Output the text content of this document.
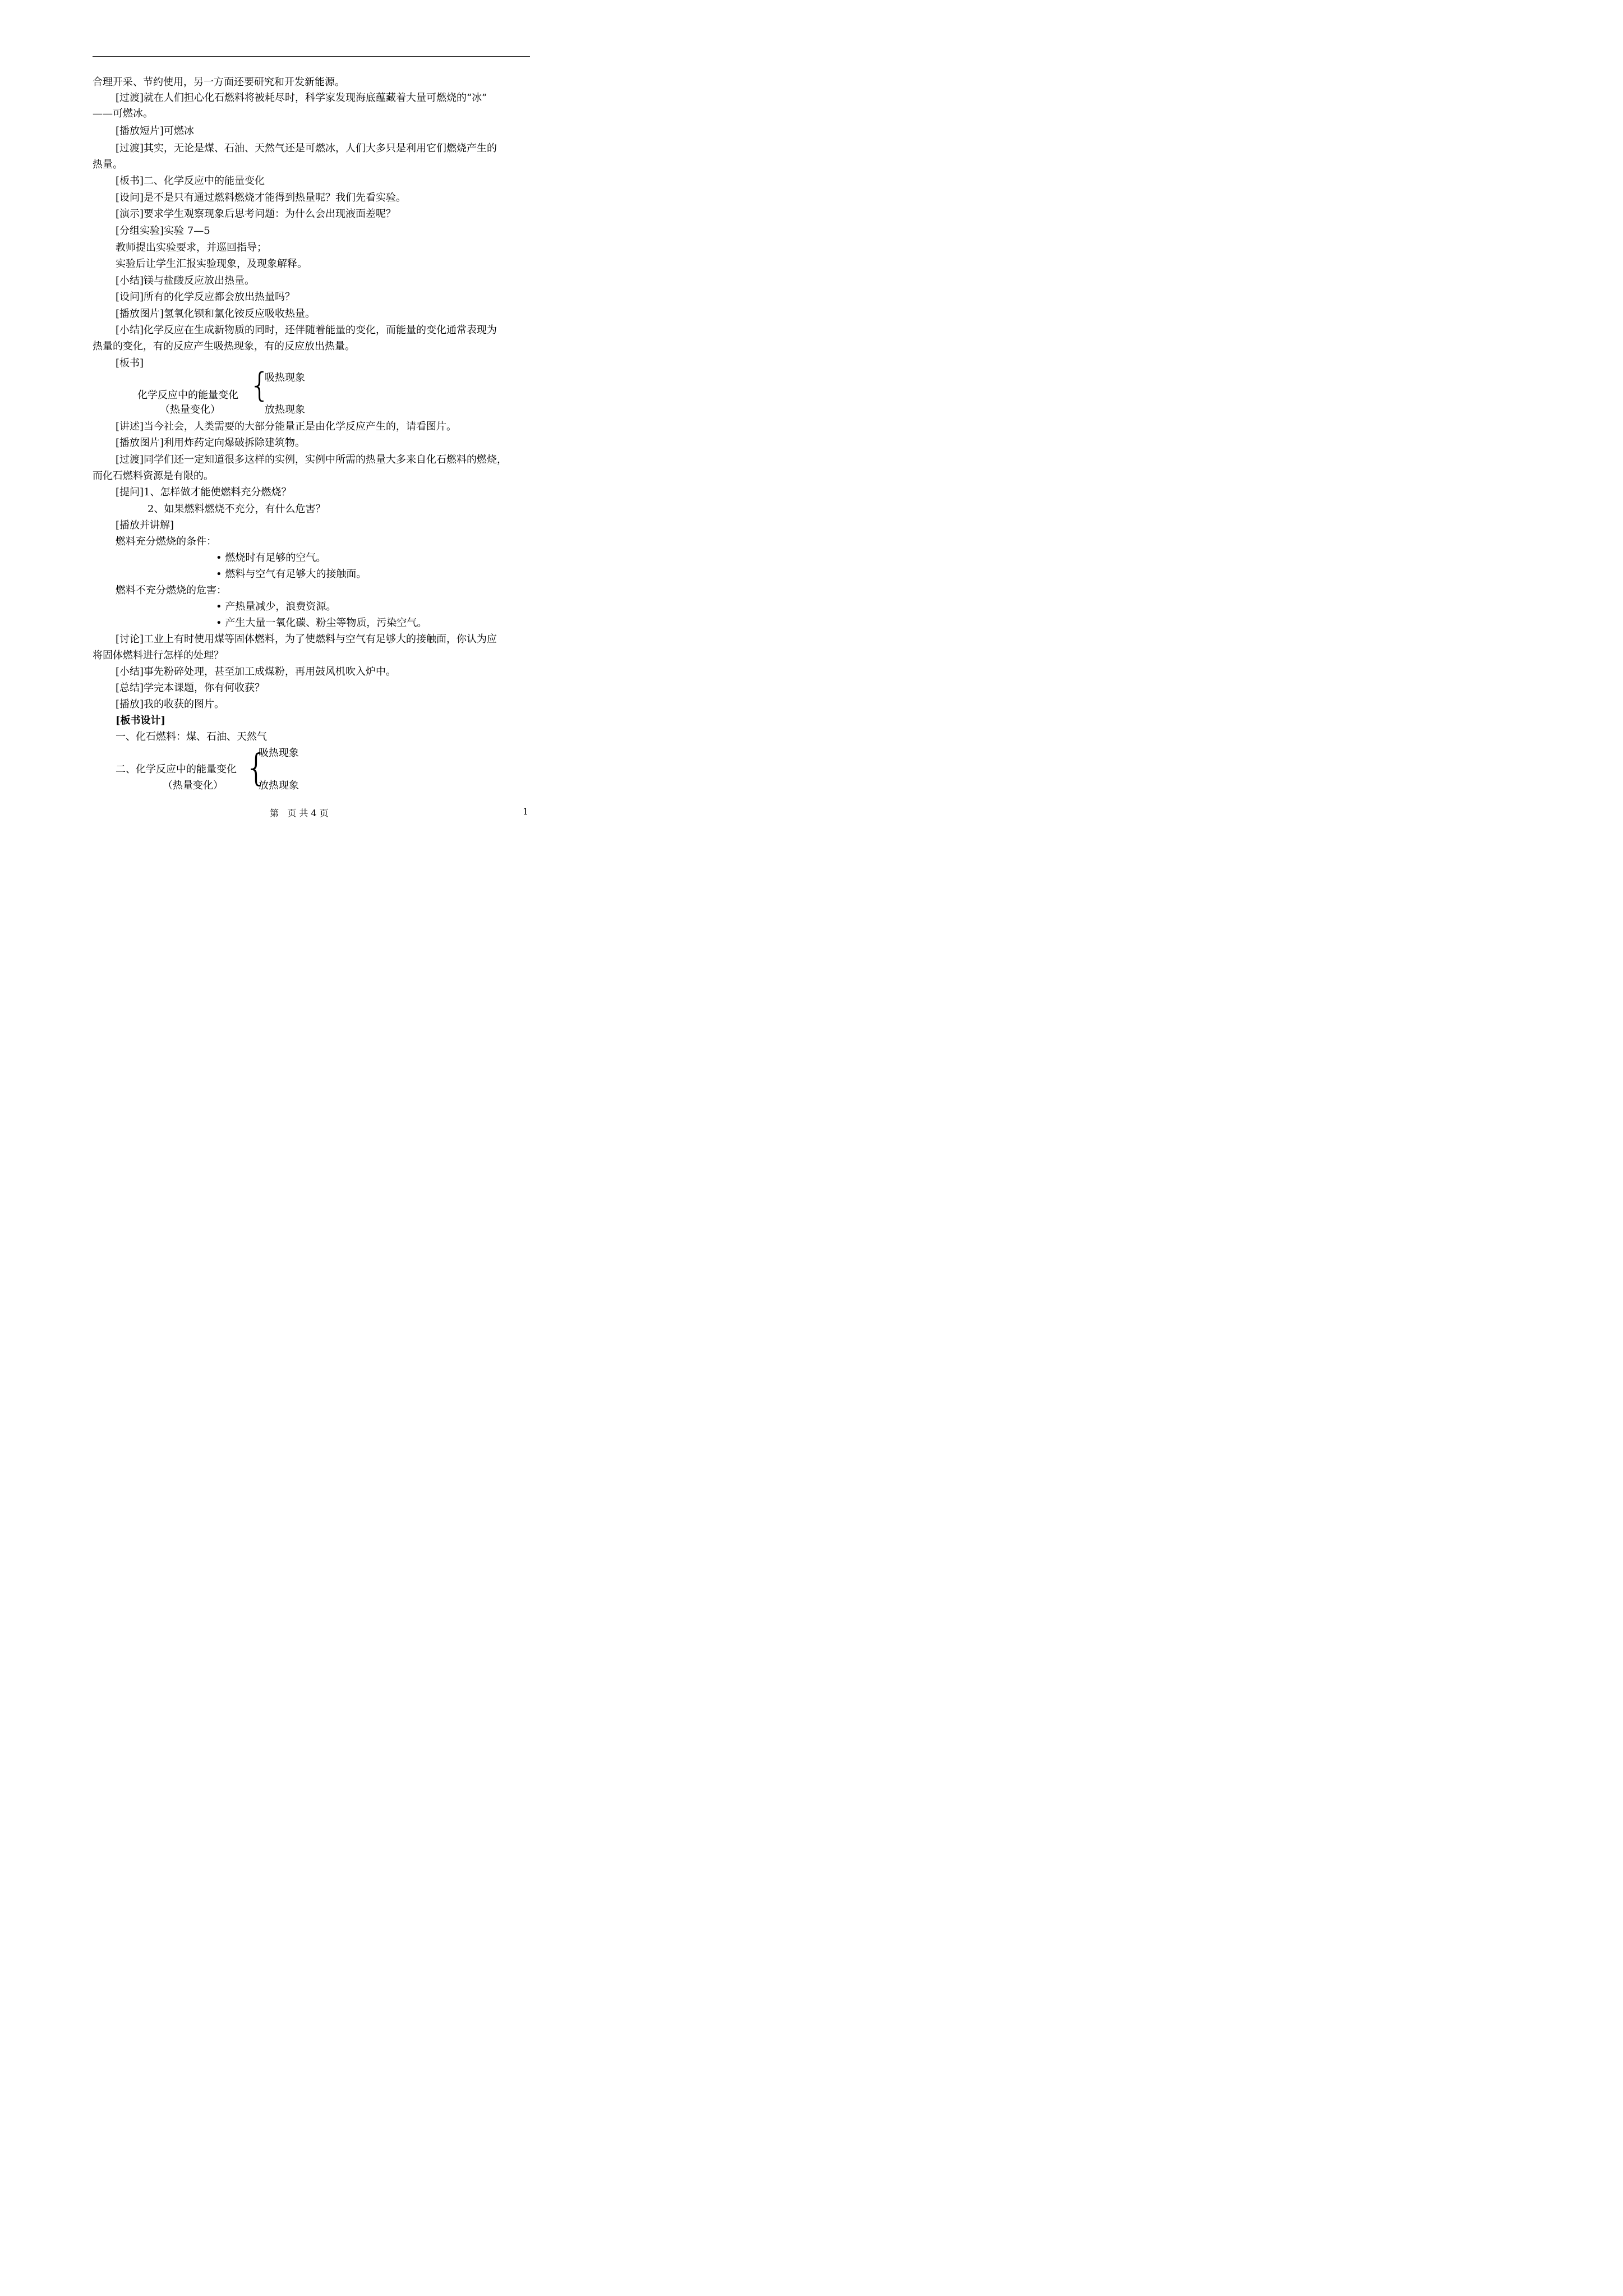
合理开采、节约使用，另一方面还要研究和开发新能源。
[过渡]就在人们担心化石燃料将被耗尽时，科学家发现海底蕴藏着大量可燃烧的“冰”
——可燃冰。
[播放短片]可燃冰
[过渡]其实，无论是煤、石油、天然气还是可燃冰，人们大多只是利用它们燃烧产生的
热量。
[板书]二、化学反应中的能量变化
[设问]是不是只有通过燃料燃烧才能得到热量呢？我们先看实验。
[演示]要求学生观察现象后思考问题：为什么会出现液面差呢？
[分组实验]实验 7—5
教师提出实验要求，并巡回指导；
实验后让学生汇报实验现象，及现象解释。
[小结]镁与盐酸反应放出热量。
[设问]所有的化学反应都会放出热量吗？
[播放图片]氢氧化钡和氯化铵反应吸收热量。
[小结]化学反应在生成新物质的同时，还伴随着能量的变化，而能量的变化通常表现为
热量的变化，有的反应产生吸热现象，有的反应放出热量。
[板书]
化学反应中的能量变化 {
吸热现象
（热量变化）	放热现象
[讲述]当今社会，人类需要的大部分能量正是由化学反应产生的，请看图片。
[播放图片]利用炸药定向爆破拆除建筑物。
[过渡]同学们还一定知道很多这样的实例，实例中所需的热量大多来自化石燃料的燃烧，
而化石燃料资源是有限的。
[提问]1、怎样做才能使燃料充分燃烧？
2、如果燃料燃烧不充分，有什么危害？
[播放并讲解]
燃料充分燃烧的条件：
• 燃烧时有足够的空气。
• 燃料与空气有足够大的接触面。
燃料不充分燃烧的危害：
• 产热量减少，浪费资源。
• 产生大量一氧化碳、粉尘等物质，污染空气。
[讨论]工业上有时使用煤等固体燃料，为了使燃料与空气有足够大的接触面，你认为应
将固体燃料进行怎样的处理？
[小结]事先粉碎处理，甚至加工成煤粉，再用鼓风机吹入炉中。
[总结]学完本课题，你有何收获？
[播放]我的收获的图片。
[板书设计]
一、化石燃料：煤、石油、天然气
吸热现象
二、化学反应中的能量变化 {
（热量变化）	放热现象
第   页 共 4 页	1
